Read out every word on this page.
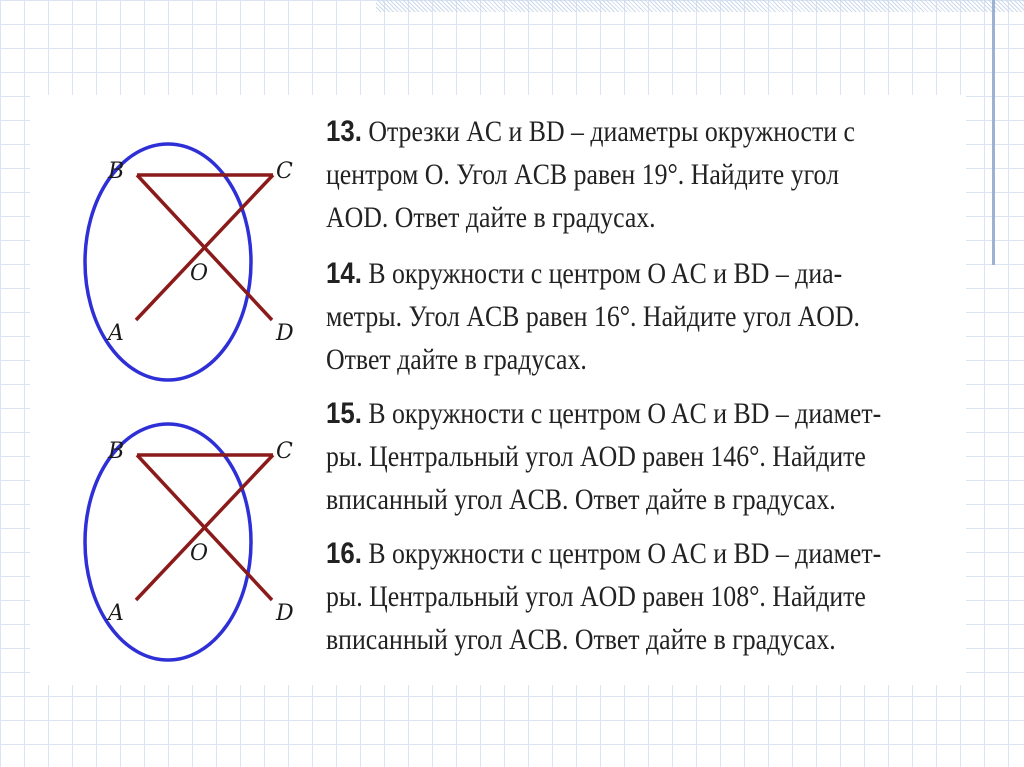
B	C
O
A	D
B	C
O
A	D
13. Отрезки AC и BD – диаметры окружности с
центром O. Угол ACB равен 19°. Найдите угол
AOD. Ответ дайте в градусах.
14. В окружности с центром O AC и BD – диа-
метры. Угол ACB равен 16°. Найдите угол AOD.
Ответ дайте в градусах.
15. В окружности с центром O AC и BD – диамет-
ры. Центральный угол AOD равен 146°. Найдите
вписанный угол ACB. Ответ дайте в градусах.
16. В окружности с центром O AC и BD – диамет-
ры. Центральный угол AOD равен 108°. Найдите
вписанный угол ACB. Ответ дайте в градусах.
